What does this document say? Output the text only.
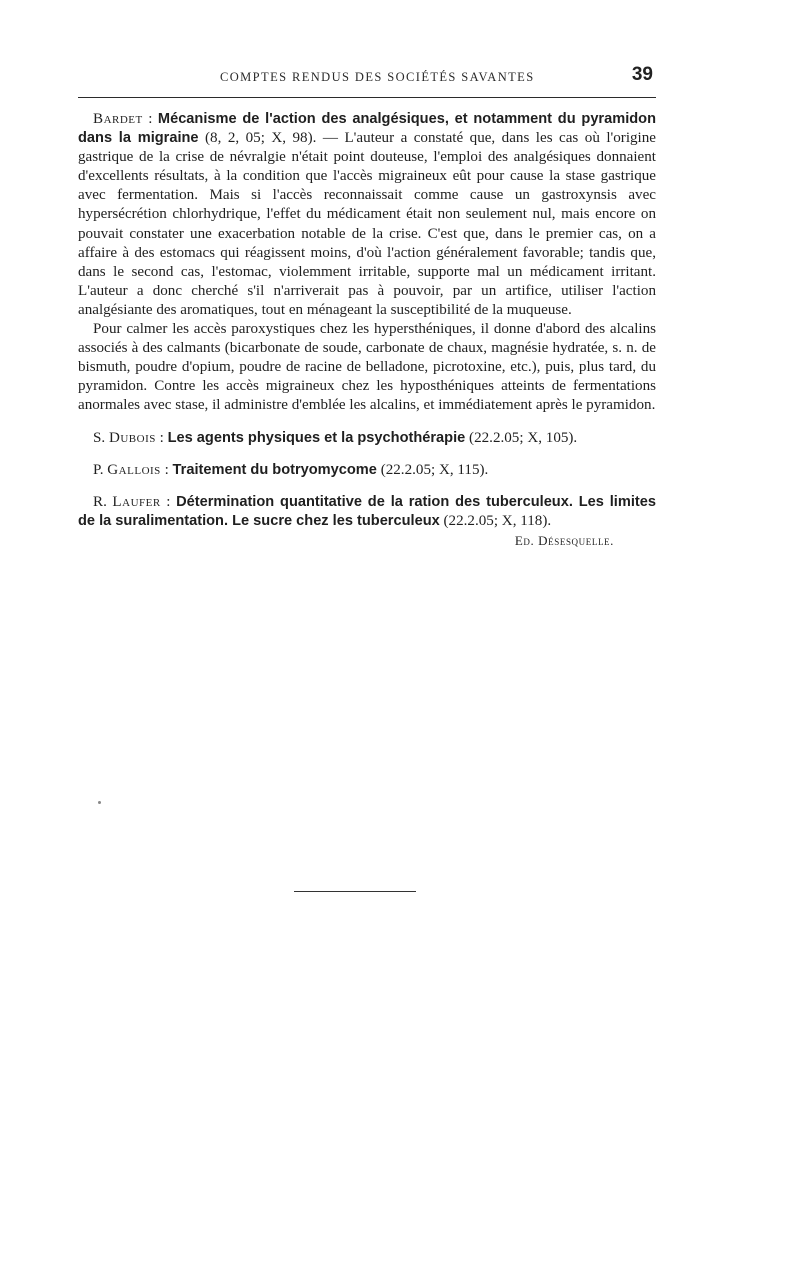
COMPTES RENDUS DES SOCIÉTÉS SAVANTES	39

Bardet : Mécanisme de l'action des analgésiques, et notamment du pyramidon dans la migraine (8, 2, 05; X, 98). — L'auteur a constaté que, dans les cas où l'origine gastrique de la crise de névralgie n'était point douteuse, l'emploi des analgésiques donnaient d'excellents résultats, à la condition que l'accès migraineux eût pour cause la stase gastrique avec fermentation. Mais si l'accès reconnaissait comme cause un gastroxynsis avec hypersécrétion chlorhydrique, l'effet du médicament était non seulement nul, mais encore on pouvait constater une exacerbation notable de la crise. C'est que, dans le premier cas, on a affaire à des estomacs qui réagissent moins, d'où l'action généralement favorable; tandis que, dans le second cas, l'estomac, violemment irritable, supporte mal un médicament irritant. L'auteur a donc cherché s'il n'arriverait pas à pouvoir, par un artifice, utiliser l'action analgésiante des aromatiques, tout en ménageant la susceptibilité de la muqueuse.

Pour calmer les accès paroxystiques chez les hypersthéniques, il donne d'abord des alcalins associés à des calmants (bicarbonate de soude, carbonate de chaux, magnésie hydratée, s. n. de bismuth, poudre d'opium, poudre de racine de belladone, picrotoxine, etc.), puis, plus tard, du pyramidon. Contre les accès migraineux chez les hyposthéniques atteints de fermentations anormales avec stase, il administre d'emblée les alcalins, et immédiatement après le pyramidon.

S. Dubois : Les agents physiques et la psychothérapie (22.2.05; X, 105).

P. Gallois : Traitement du botryomycome (22.2.05; X, 115).

R. Laufer : Détermination quantitative de la ration des tuberculeux. Les limites de la suralimentation. Le sucre chez les tuberculeux (22.2.05; X, 118).
Ed. Désesquelle.
